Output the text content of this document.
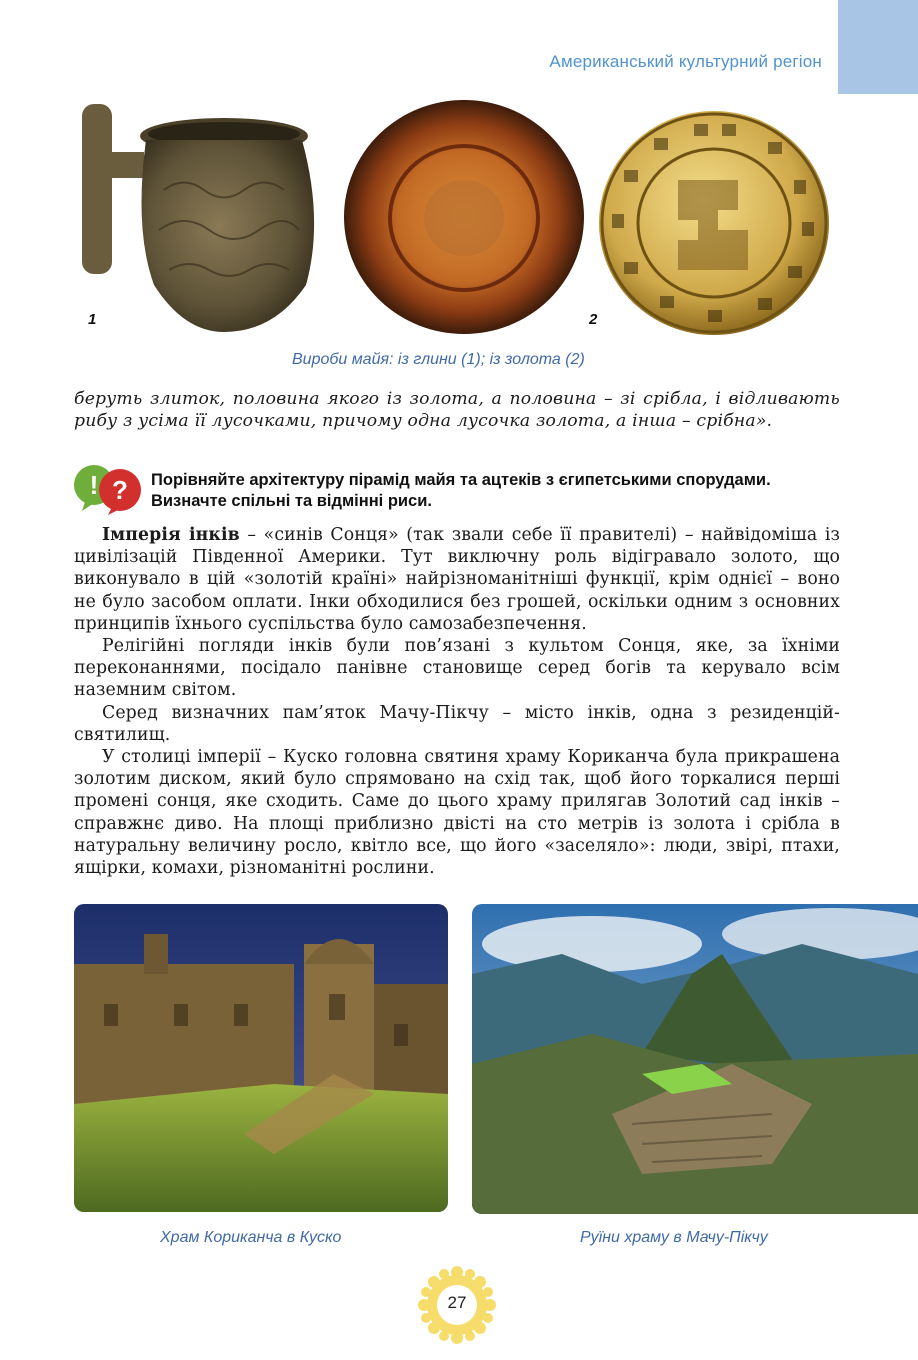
Американський культурний регіон
1	2
Вироби майя: із глини (1); із золота (2)
беруть злиток, половина якого із золота, а половина – зі срібла, і відливають рибу з усіма її лусочками, причому одна лусочка золота, а інша – срібна».
! ? Порівняйте архітектуру пірамід майя та ацтеків з єгипетськими спорудами. Визначте спільні та відмінні риси.

Імперія інків – «синів Сонця» (так звали себе її правителі) – найвідоміша із цивілізацій Південної Америки. Тут виключну роль відігравало золото, що виконувало в цій «золотій країні» найрізноманітніші функції, крім однієї – воно не було засобом оплати. Інки обходилися без грошей, оскільки одним з основних принципів їхнього суспільства було самозабезпечення.

Релігійні погляди інків були пов’язані з культом Сонця, яке, за їхніми переконаннями, посідало панівне становище серед богів та керувало всім наземним світом.

Серед визначних пам’яток Мачу-Пікчу – місто інків, одна з резиденцій-святилищ.

У столиці імперії – Куско головна святиня храму Кориканча була прикрашена золотим диском, який було спрямовано на схід так, щоб його торкалися перші промені сонця, яке сходить. Саме до цього храму прилягав Золотий сад інків – справжнє диво. На площі приблизно двісті на сто метрів із золота і срібла в натуральну величину росло, квітло все, що його «заселяло»: люди, звірі, птахи, ящірки, комахи, різноманітні рослини.

Храм Кориканча в Куско	Руїни храму в Мачу-Пікчу
27
